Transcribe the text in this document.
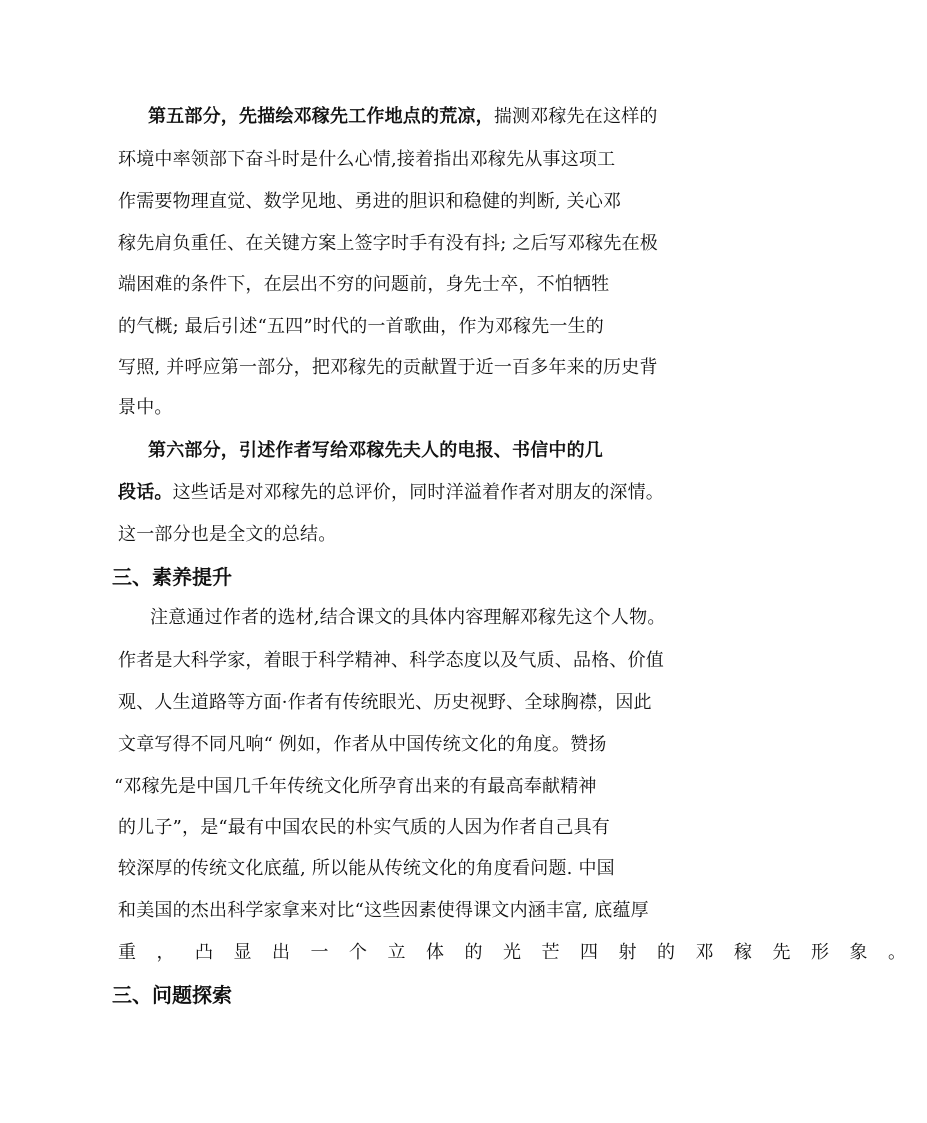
第五部分，先描绘邓稼先工作地点的荒凉，揣测邓稼先在这样的
环境中率领部下奋斗时是什么心情,接着指出邓稼先从事这项工
作需要物理直觉、数学见地、勇进的胆识和稳健的判断, 关心邓
稼先肩负重任、在关键方案上签字时手有没有抖; 之后写邓稼先在极
端困难的条件下，在层出不穷的问题前，身先士卒，不怕牺牲
的气概; 最后引述“五四”时代的一首歌曲，作为邓稼先一生的
写照, 并呼应第一部分，把邓稼先的贡献置于近一百多年来的历史背
景中。
第六部分，引述作者写给邓稼先夫人的电报、书信中的几
段话。这些话是对邓稼先的总评价，同时洋溢着作者对朋友的深情。
这一部分也是全文的总结。
三、素养提升
注意通过作者的选材,结合课文的具体内容理解邓稼先这个人物。
作者是大科学家，着眼于科学精神、科学态度以及气质、品格、价值
观、人生道路等方面·作者有传统眼光、历史视野、全球胸襟，因此
文章写得不同凡响“ 例如，作者从中国传统文化的角度。赞扬
“邓稼先是中国几千年传统文化所孕育出来的有最高奉献精神
的儿子”，是“最有中国农民的朴实气质的人因为作者自己具有
较深厚的传统文化底蕴, 所以能从传统文化的角度看问题. 中国
和美国的杰出科学家拿来对比“这些因素使得课文内涵丰富, 底蕴厚
重，凸显出一个立体的光芒四射的邓稼先形象。
三、问题探索
